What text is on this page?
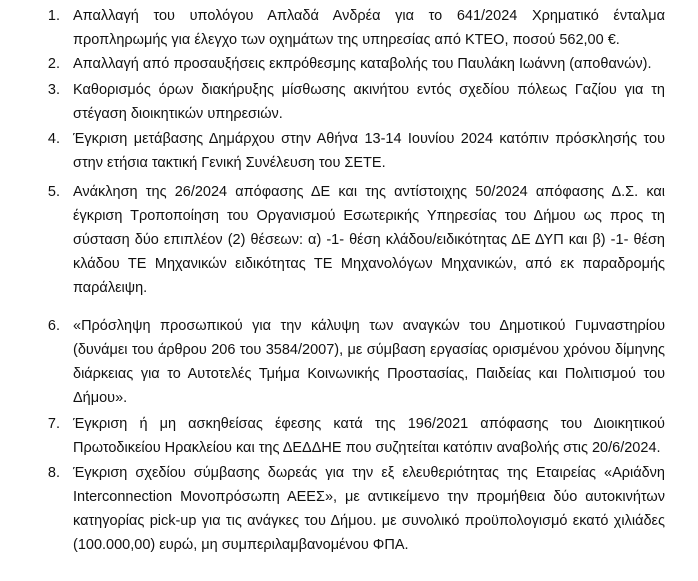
1. Απαλλαγή του υπολόγου Απλαδά Ανδρέα για το 641/2024 Χρηματικό ένταλμα
προπληρωμής για έλεγχο των οχημάτων της υπηρεσίας από ΚΤΕΟ, ποσού 562,00 €.
2. Απαλλαγή από προσαυξήσεις εκπρόθεσμης καταβολής του Παυλάκη Ιωάννη (αποθανών).
3. Καθορισμός όρων διακήρυξης μίσθωσης ακινήτου εντός σχεδίου πόλεως Γαζίου για τη
στέγαση διοικητικών υπηρεσιών.
4. Έγκριση μετάβασης Δημάρχου στην Αθήνα 13-14 Ιουνίου 2024 κατόπιν πρόσκλησής του
στην ετήσια τακτική Γενική Συνέλευση του ΣΕΤΕ.
5. Ανάκληση της 26/2024 απόφασης ΔΕ και της αντίστοιχης 50/2024 απόφασης Δ.Σ. και
έγκριση Τροποποίηση του Οργανισμού Εσωτερικής Υπηρεσίας του Δήμου ως προς τη
σύσταση δύο επιπλέον (2) θέσεων: α) -1- θέση κλάδου/ειδικότητας ΔΕ ΔΥΠ και β) -1- θέση
κλάδου ΤΕ Μηχανικών ειδικότητας ΤΕ Μηχανολόγων Μηχανικών, από εκ παραδρομής
παράλειψη.
6. «Πρόσληψη προσωπικού για την κάλυψη των αναγκών του Δημοτικού Γυμναστηρίου
(δυνάμει του άρθρου 206 του 3584/2007), με σύμβαση εργασίας ορισμένου χρόνου δίμηνης
διάρκειας για το Αυτοτελές Τμήμα Κοινωνικής Προστασίας, Παιδείας και Πολιτισμού του
Δήμου».
7. Έγκριση ή μη ασκηθείσας έφεσης κατά της 196/2021 απόφασης του Διοικητικού
Πρωτοδικείου Ηρακλείου και της ΔΕΔΔΗΕ που συζητείται κατόπιν αναβολής στις 20/6/2024.
8. Έγκριση σχεδίου σύμβασης δωρεάς για την εξ ελευθεριότητας της Εταιρείας «Αριάδνη
Interconnection Μονοπρόσωπη ΑΕΕΣ», με αντικείμενο την προμήθεια δύο αυτοκινήτων
κατηγορίας pick-up για τις ανάγκες του Δήμου. με συνολικό προϋπολογισμό εκατό χιλιάδες
(100.000,00) ευρώ, μη συμπεριλαμβανομένου ΦΠΑ.
